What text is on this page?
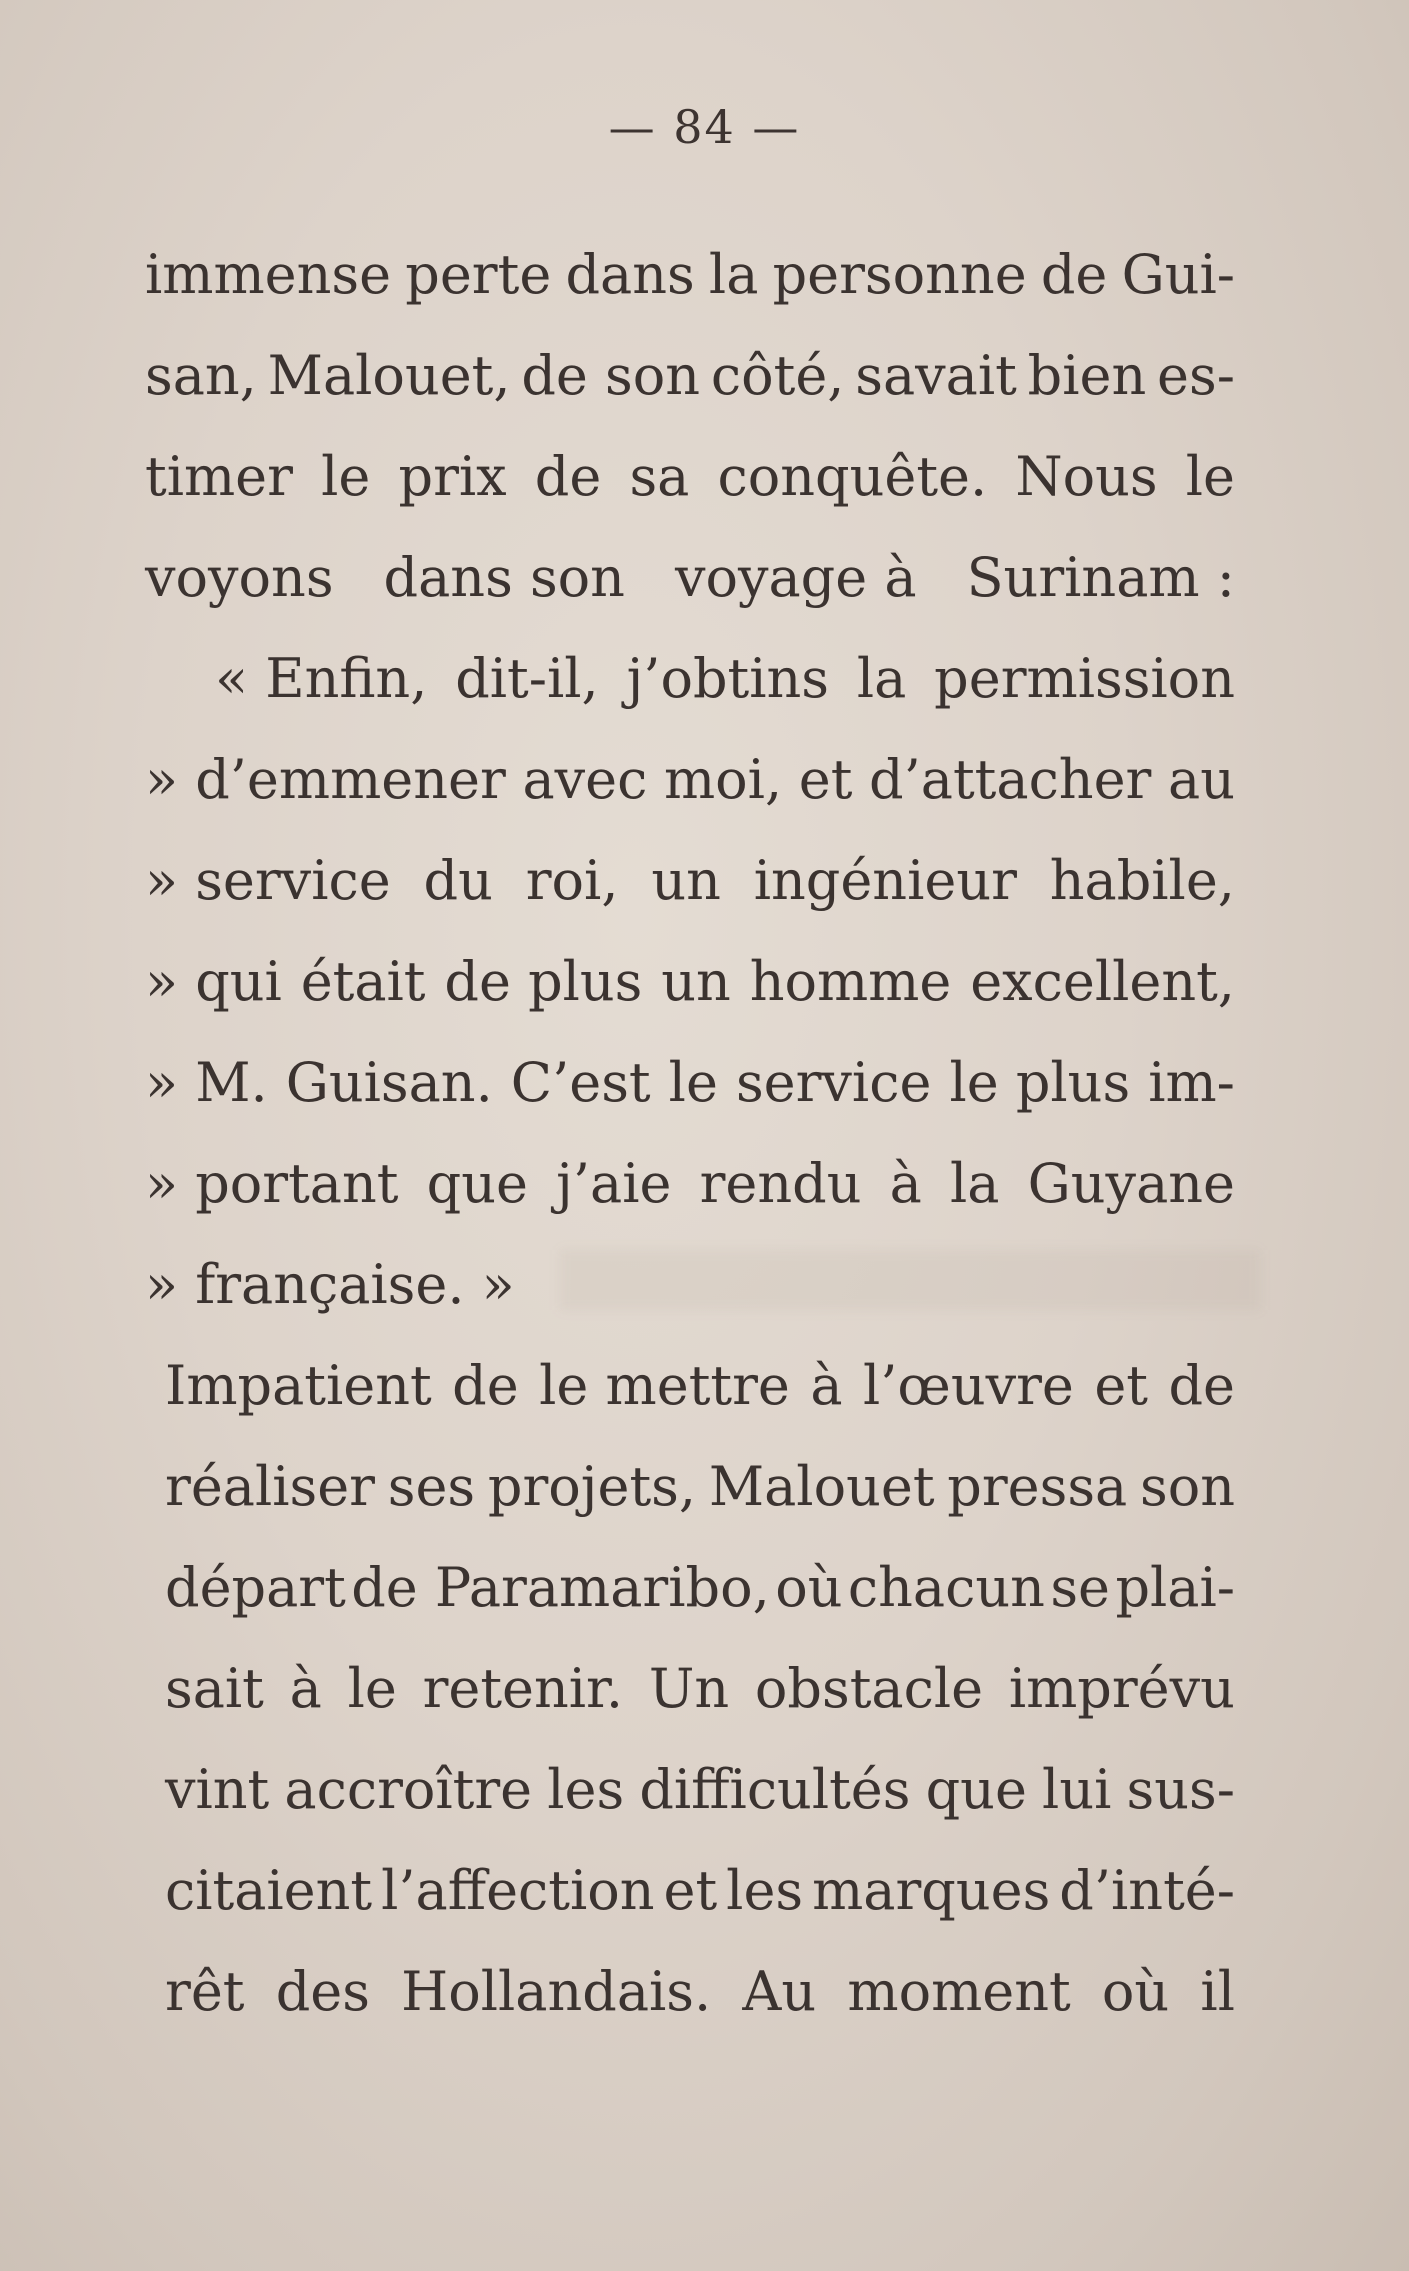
— 84 —
immense perte dans la personne de Gui-
san, Malouet, de son côté, savait bien es-
timer le prix de sa conquête. Nous le
voyons dans son voyage à Surinam :
« Enfin, dit-il, j’obtins la permission
» d’emmener avec moi, et d’attacher au
» service du roi, un ingénieur habile,
» qui était de plus un homme excellent,
» M. Guisan. C’est le service le plus im-
» portant que j’aie rendu à la Guyane
» française. »
Impatient de le mettre à l’œuvre et de
réaliser ses projets, Malouet pressa son
départ de Paramaribo, où chacun se plai-
sait à le retenir. Un obstacle imprévu
vint accroître les difficultés que lui sus-
citaient l’affection et les marques d’inté-
rêt des Hollandais. Au moment où il
